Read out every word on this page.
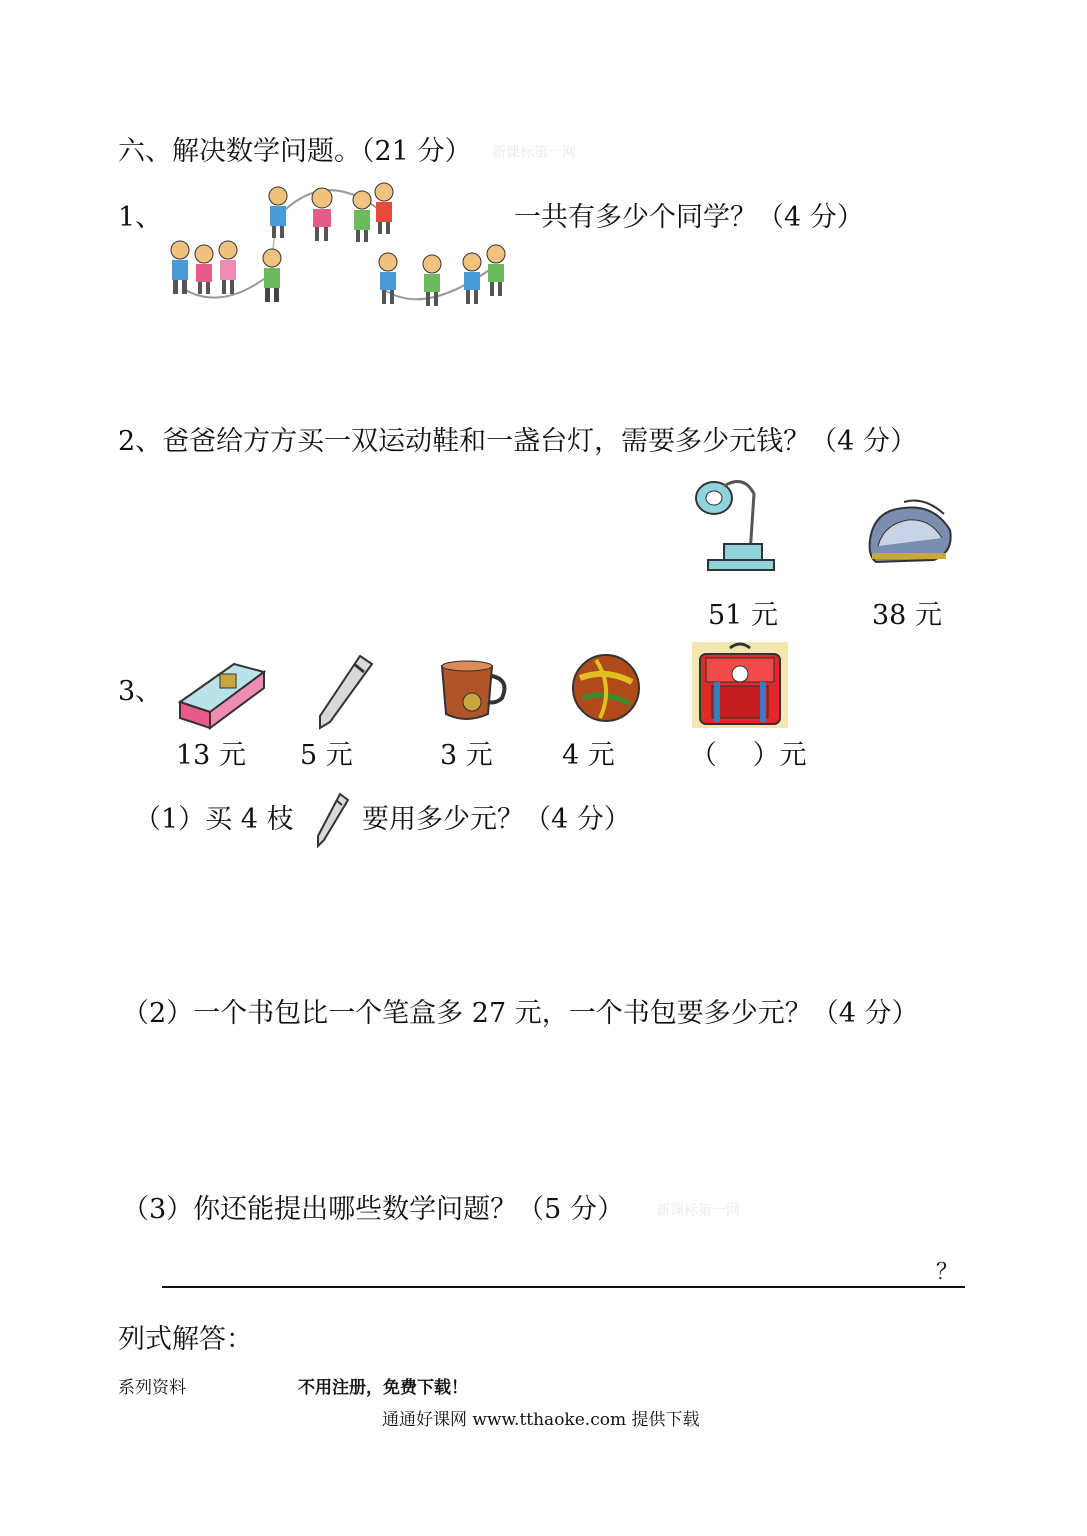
六、解决数学问题。（21 分） 新课标第一网
1、	一共有多少个同学？（4 分）
2、爸爸给方方买一双运动鞋和一盏台灯，需要多少元钱？（4 分）
51 元	38 元
3、
13 元 5 元	3 元	4 元	（ 　）元
（1）买 4 枝	要用多少元？（4 分）
（2）一个书包比一个笔盒多 27 元，一个书包要多少元？（4 分）
（3）你还能提出哪些数学问题？（5 分） 新课标第一网
？
列式解答：
系列资料	不用注册，免费下载！
通通好课网 www.tthaoke.com 提供下载
